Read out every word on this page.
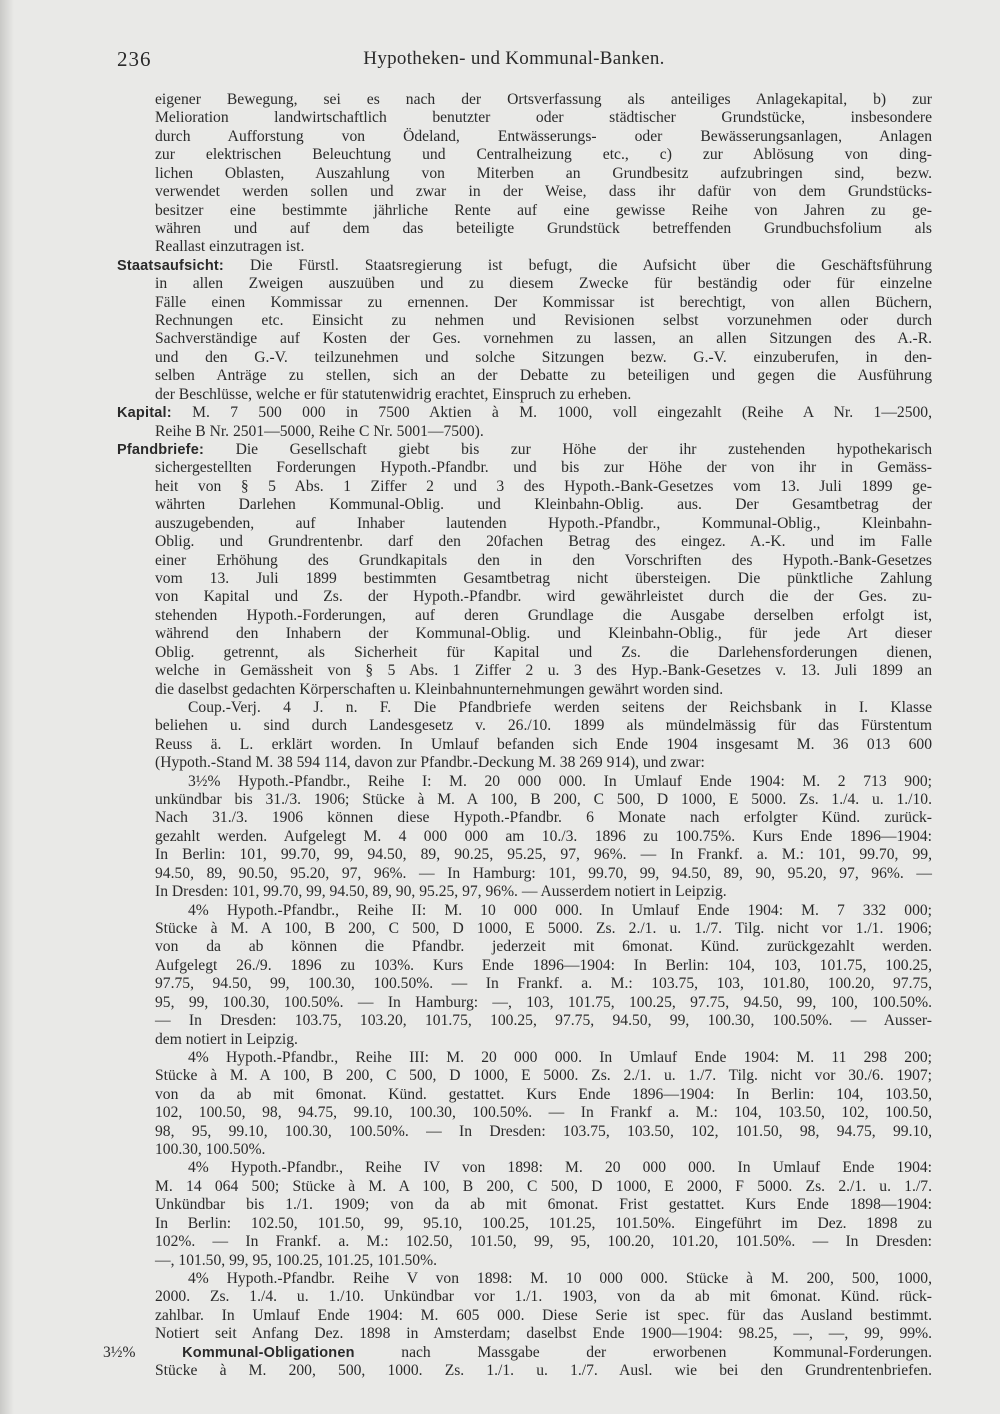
236	Hypotheken- und Kommunal-Banken.
eigener Bewegung, sei es nach der Ortsverfassung als anteiliges Anlagekapital, b) zur
Melioration landwirtschaftlich benutzter oder städtischer Grundstücke, insbesondere
durch Aufforstung von Ödeland, Entwässerungs- oder Bewässerungsanlagen, Anlagen
zur elektrischen Beleuchtung und Centralheizung etc., c) zur Ablösung von ding-
lichen Oblasten, Auszahlung von Miterben an Grundbesitz aufzubringen sind, bezw.
verwendet werden sollen und zwar in der Weise, dass ihr dafür von dem Grundstücks-
besitzer eine bestimmte jährliche Rente auf eine gewisse Reihe von Jahren zu ge-
währen und auf dem das beteiligte Grundstück betreffenden Grundbuchsfolium als
Reallast einzutragen ist.
Staatsaufsicht: Die Fürstl. Staatsregierung ist befugt, die Aufsicht über die Geschäftsführung
in allen Zweigen auszuüben und zu diesem Zwecke für beständig oder für einzelne
Fälle einen Kommissar zu ernennen. Der Kommissar ist berechtigt, von allen Büchern,
Rechnungen etc. Einsicht zu nehmen und Revisionen selbst vorzunehmen oder durch
Sachverständige auf Kosten der Ges. vornehmen zu lassen, an allen Sitzungen des A.-R.
und den G.-V. teilzunehmen und solche Sitzungen bezw. G.-V. einzuberufen, in den-
selben Anträge zu stellen, sich an der Debatte zu beteiligen und gegen die Ausführung
der Beschlüsse, welche er für statutenwidrig erachtet, Einspruch zu erheben.
Kapital: M. 7 500 000 in 7500 Aktien à M. 1000, voll eingezahlt (Reihe A Nr. 1—2500,
Reihe B Nr. 2501—5000, Reihe C Nr. 5001—7500).
Pfandbriefe: Die Gesellschaft giebt bis zur Höhe der ihr zustehenden hypothekarisch
sichergestellten Forderungen Hypoth.-Pfandbr. und bis zur Höhe der von ihr in Gemäss-
heit von § 5 Abs. 1 Ziffer 2 und 3 des Hypoth.-Bank-Gesetzes vom 13. Juli 1899 ge-
währten Darlehen Kommunal-Oblig. und Kleinbahn-Oblig. aus. Der Gesamtbetrag der
auszugebenden, auf Inhaber lautenden Hypoth.-Pfandbr., Kommunal-Oblig., Kleinbahn-
Oblig. und Grundrentenbr. darf den 20fachen Betrag des eingez. A.-K. und im Falle
einer Erhöhung des Grundkapitals den in den Vorschriften des Hypoth.-Bank-Gesetzes
vom 13. Juli 1899 bestimmten Gesamtbetrag nicht übersteigen. Die pünktliche Zahlung
von Kapital und Zs. der Hypoth.-Pfandbr. wird gewährleistet durch die der Ges. zu-
stehenden Hypoth.-Forderungen, auf deren Grundlage die Ausgabe derselben erfolgt ist,
während den Inhabern der Kommunal-Oblig. und Kleinbahn-Oblig., für jede Art dieser
Oblig. getrennt, als Sicherheit für Kapital und Zs. die Darlehensforderungen dienen,
welche in Gemässheit von § 5 Abs. 1 Ziffer 2 u. 3 des Hyp.-Bank-Gesetzes v. 13. Juli 1899 an
die daselbst gedachten Körperschaften u. Kleinbahnunternehmungen gewährt worden sind.
Coup.-Verj. 4 J. n. F. Die Pfandbriefe werden seitens der Reichsbank in I. Klasse
beliehen u. sind durch Landesgesetz v. 26./10. 1899 als mündelmässig für das Fürstentum
Reuss ä. L. erklärt worden. In Umlauf befanden sich Ende 1904 insgesamt M. 36 013 600
(Hypoth.-Stand M. 38 594 114, davon zur Pfandbr.-Deckung M. 38 269 914), und zwar:
3½% Hypoth.-Pfandbr., Reihe I: M. 20 000 000. In Umlauf Ende 1904: M. 2 713 900;
unkündbar bis 31./3. 1906; Stücke à M. A 100, B 200, C 500, D 1000, E 5000. Zs. 1./4. u. 1./10.
Nach 31./3. 1906 können diese Hypoth.-Pfandbr. 6 Monate nach erfolgter Künd. zurück-
gezahlt werden. Aufgelegt M. 4 000 000 am 10./3. 1896 zu 100.75%. Kurs Ende 1896—1904:
In Berlin: 101, 99.70, 99, 94.50, 89, 90.25, 95.25, 97, 96%. — In Frankf. a. M.: 101, 99.70, 99,
94.50, 89, 90.50, 95.20, 97, 96%. — In Hamburg: 101, 99.70, 99, 94.50, 89, 90, 95.20, 97, 96%. —
In Dresden: 101, 99.70, 99, 94.50, 89, 90, 95.25, 97, 96%. — Ausserdem notiert in Leipzig.
4% Hypoth.-Pfandbr., Reihe II: M. 10 000 000. In Umlauf Ende 1904: M. 7 332 000;
Stücke à M. A 100, B 200, C 500, D 1000, E 5000. Zs. 2./1. u. 1./7. Tilg. nicht vor 1./1. 1906;
von da ab können die Pfandbr. jederzeit mit 6monat. Künd. zurückgezahlt werden.
Aufgelegt 26./9. 1896 zu 103%. Kurs Ende 1896—1904: In Berlin: 104, 103, 101.75, 100.25,
97.75, 94.50, 99, 100.30, 100.50%. — In Frankf. a. M.: 103.75, 103, 101.80, 100.20, 97.75,
95, 99, 100.30, 100.50%. — In Hamburg: —, 103, 101.75, 100.25, 97.75, 94.50, 99, 100, 100.50%.
— In Dresden: 103.75, 103.20, 101.75, 100.25, 97.75, 94.50, 99, 100.30, 100.50%. — Ausser-
dem notiert in Leipzig.
4% Hypoth.-Pfandbr., Reihe III: M. 20 000 000. In Umlauf Ende 1904: M. 11 298 200;
Stücke à M. A 100, B 200, C 500, D 1000, E 5000. Zs. 2./1. u. 1./7. Tilg. nicht vor 30./6. 1907;
von da ab mit 6monat. Künd. gestattet. Kurs Ende 1896—1904: In Berlin: 104, 103.50,
102, 100.50, 98, 94.75, 99.10, 100.30, 100.50%. — In Frankf a. M.: 104, 103.50, 102, 100.50,
98, 95, 99.10, 100.30, 100.50%. — In Dresden: 103.75, 103.50, 102, 101.50, 98, 94.75, 99.10,
100.30, 100.50%.
4% Hypoth.-Pfandbr., Reihe IV von 1898: M. 20 000 000. In Umlauf Ende 1904:
M. 14 064 500; Stücke à M. A 100, B 200, C 500, D 1000, E 2000, F 5000. Zs. 2./1. u. 1./7.
Unkündbar bis 1./1. 1909; von da ab mit 6monat. Frist gestattet. Kurs Ende 1898—1904:
In Berlin: 102.50, 101.50, 99, 95.10, 100.25, 101.25, 101.50%. Eingeführt im Dez. 1898 zu
102%. — In Frankf. a. M.: 102.50, 101.50, 99, 95, 100.20, 101.20, 101.50%. — In Dresden:
—, 101.50, 99, 95, 100.25, 101.25, 101.50%.
4% Hypoth.-Pfandbr. Reihe V von 1898: M. 10 000 000. Stücke à M. 200, 500, 1000,
2000. Zs. 1./4. u. 1./10. Unkündbar vor 1./1. 1903, von da ab mit 6monat. Künd. rück-
zahlbar. In Umlauf Ende 1904: M. 605 000. Diese Serie ist spec. für das Ausland bestimmt.
Notiert seit Anfang Dez. 1898 in Amsterdam; daselbst Ende 1900—1904: 98.25, —, —, 99, 99%.
3½% Kommunal-Obligationen nach Massgabe der erworbenen Kommunal-Forderungen.
Stücke à M. 200, 500, 1000. Zs. 1./1. u. 1./7. Ausl. wie bei den Grundrentenbriefen.
